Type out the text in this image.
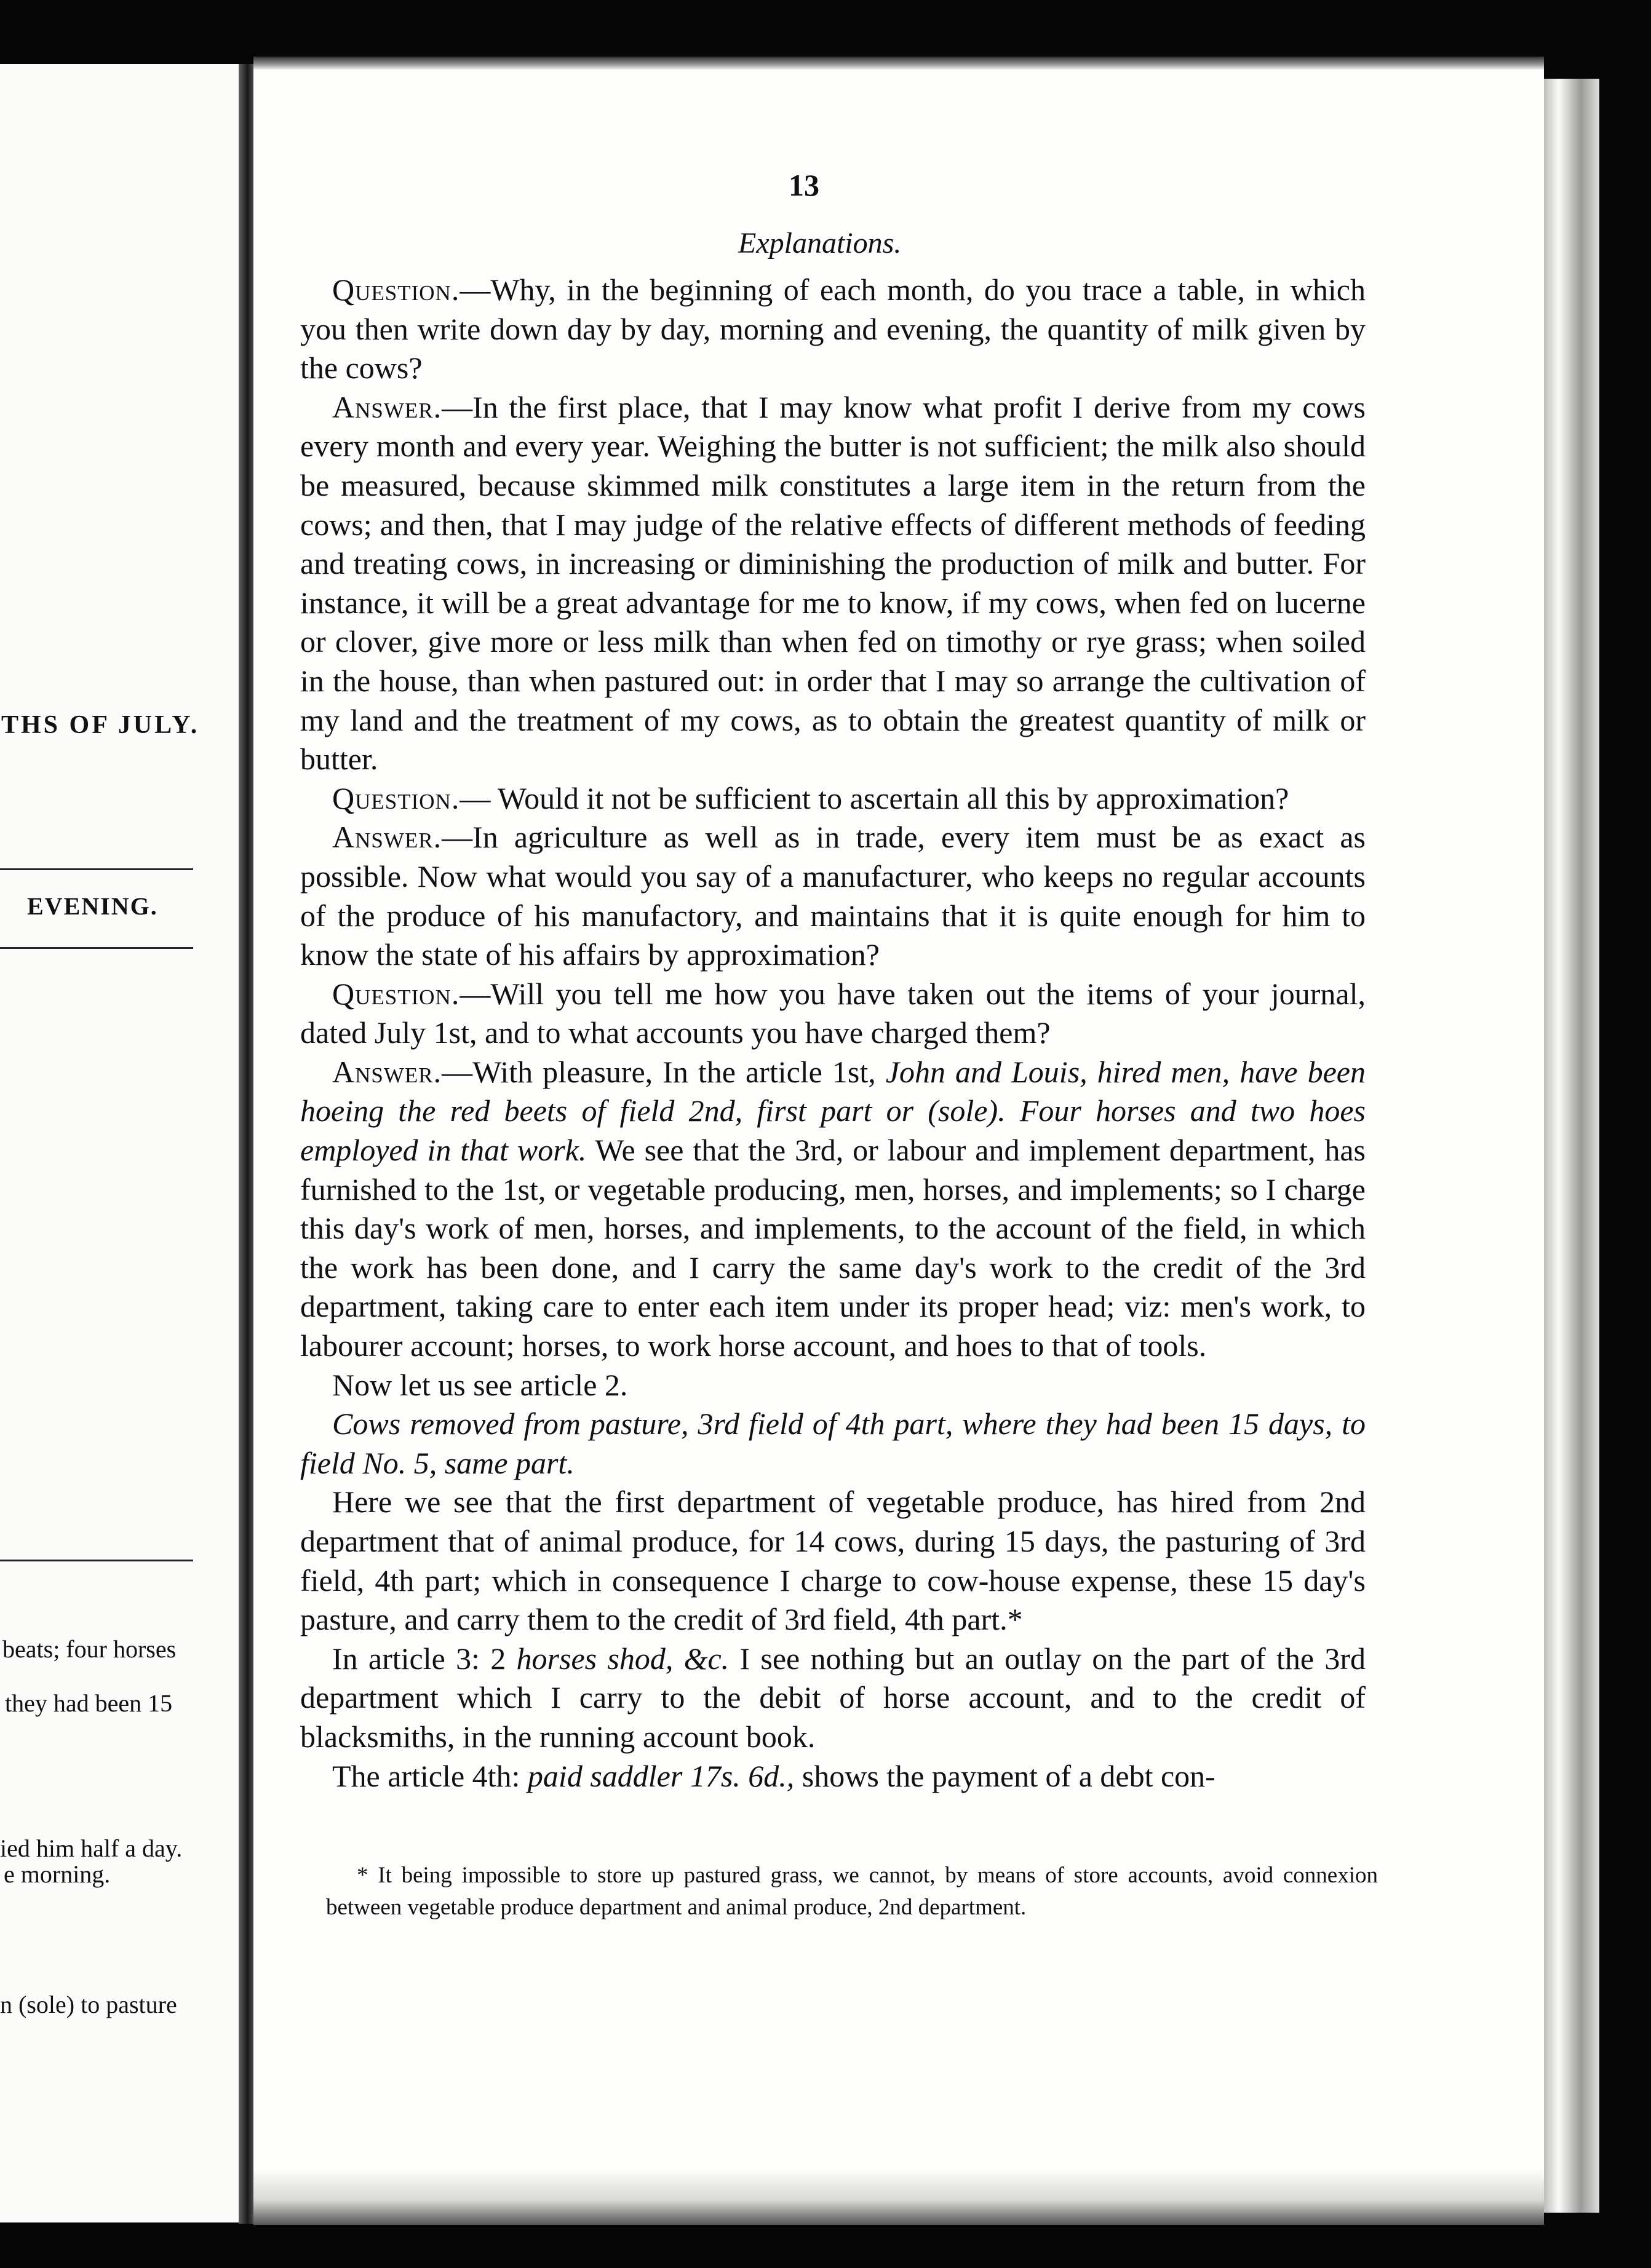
THS OF JULY.
EVENING.
beats; four horses
they had been 15
ied him half a day.
e morning.
n (sole) to pasture
13
Explanations.

Question.—Why, in the beginning of each month, do you trace a table, in which you then write down day by day, morning and evening, the quantity of milk given by the cows?

Answer.—In the first place, that I may know what profit I derive from my cows every month and every year. Weighing the butter is not sufficient; the milk also should be measured, because skimmed milk constitutes a large item in the return from the cows; and then, that I may judge of the relative effects of different methods of feeding and treating cows, in increasing or diminishing the production of milk and butter. For instance, it will be a great advantage for me to know, if my cows, when fed on lucerne or clover, give more or less milk than when fed on timothy or rye grass; when soiled in the house, than when pastured out: in order that I may so arrange the cultivation of my land and the treatment of my cows, as to obtain the greatest quantity of milk or butter.

Question.— Would it not be sufficient to ascertain all this by approximation?

Answer.—In agriculture as well as in trade, every item must be as exact as possible. Now what would you say of a manufacturer, who keeps no regular accounts of the produce of his manufactory, and maintains that it is quite enough for him to know the state of his affairs by approximation?

Question.—Will you tell me how you have taken out the items of your journal, dated July 1st, and to what accounts you have charged them?

Answer.—With pleasure, In the article 1st, John and Louis, hired men, have been hoeing the red beets of field 2nd, first part or (sole). Four horses and two hoes employed in that work. We see that the 3rd, or labour and implement department, has furnished to the 1st, or vegetable producing, men, horses, and implements; so I charge this day's work of men, horses, and implements, to the account of the field, in which the work has been done, and I carry the same day's work to the credit of the 3rd department, taking care to enter each item under its proper head; viz: men's work, to labourer account; horses, to work horse account, and hoes to that of tools.

Now let us see article 2.

Cows removed from pasture, 3rd field of 4th part, where they had been 15 days, to field No. 5, same part.

Here we see that the first department of vegetable produce, has hired from 2nd department that of animal produce, for 14 cows, during 15 days, the pasturing of 3rd field, 4th part; which in consequence I charge to cow-house expense, these 15 day's pasture, and carry them to the credit of 3rd field, 4th part.*

In article 3: 2 horses shod, &c. I see nothing but an outlay on the part of the 3rd department which I carry to the debit of horse account, and to the credit of blacksmiths, in the running account book.

The article 4th: paid saddler 17s. 6d., shows the payment of a debt con-

* It being impossible to store up pastured grass, we cannot, by means of store accounts, avoid connexion between vegetable produce department and animal produce, 2nd department.
